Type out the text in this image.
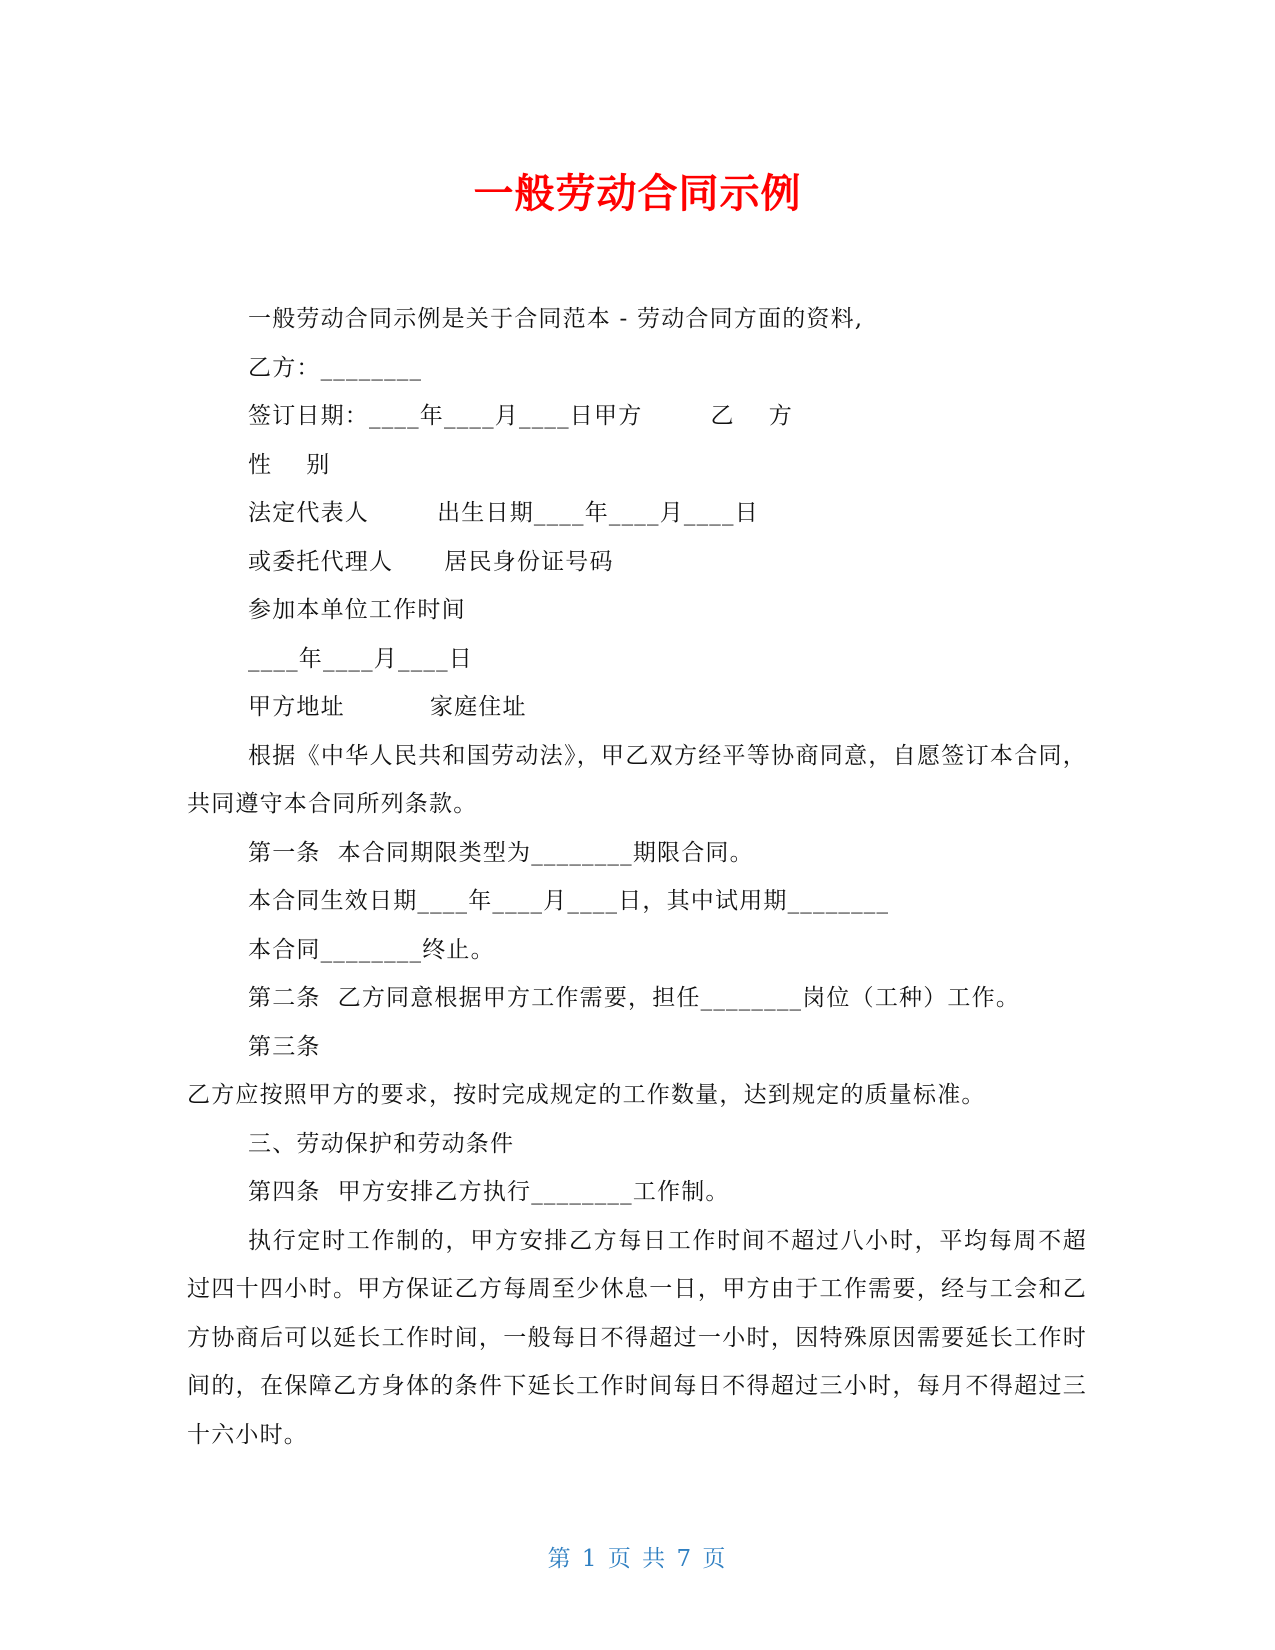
一般劳动合同示例
一般劳动合同示例是关于合同范本 - 劳动合同方面的资料,
乙方：________
签订日期：____年____月____日甲方        乙    方
性    别
法定代表人        出生日期____年____月____日
或委托代理人      居民身份证号码
参加本单位工作时间
____年____月____日
甲方地址          家庭住址
根据《中华人民共和国劳动法》，甲乙双方经平等协商同意，自愿签订本合同，共同遵守本合同所列条款。
第一条  本合同期限类型为________期限合同。
本合同生效日期____年____月____日，其中试用期________
本合同________终止。
第二条  乙方同意根据甲方工作需要，担任________岗位（工种）工作。
第三条
乙方应按照甲方的要求，按时完成规定的工作数量，达到规定的质量标准。
三、劳动保护和劳动条件
第四条  甲方安排乙方执行________工作制。
执行定时工作制的，甲方安排乙方每日工作时间不超过八小时，平均每周不超过四十四小时。甲方保证乙方每周至少休息一日，甲方由于工作需要，经与工会和乙方协商后可以延长工作时间，一般每日不得超过一小时，因特殊原因需要延长工作时间的，在保障乙方身体的条件下延长工作时间每日不得超过三小时，每月不得超过三十六小时。
第 1 页 共 7 页
